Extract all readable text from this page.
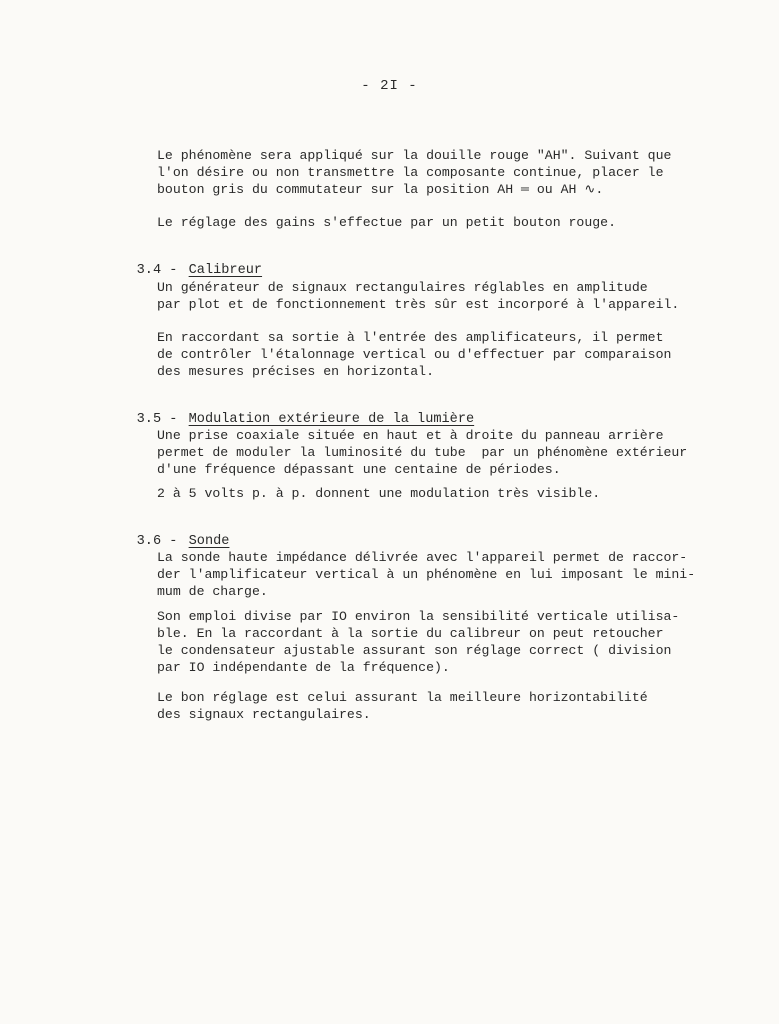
- 2I -
Le phénomène sera appliqué sur la douille rouge "AH". Suivant que
l'on désire ou non transmettre la composante continue, placer le
bouton gris du commutateur sur la position AH ═ ou AH ∿.
Le réglage des gains s'effectue par un petit bouton rouge.

3.4 - Calibreur

Un générateur de signaux rectangulaires réglables en amplitude
par plot et de fonctionnement très sûr est incorporé à l'appareil.
En raccordant sa sortie à l'entrée des amplificateurs, il permet
de contrôler l'étalonnage vertical ou d'effectuer par comparaison
des mesures précises en horizontal.

3.5 - Modulation extérieure de la lumière

Une prise coaxiale située en haut et à droite du panneau arrière
permet de moduler la luminosité du tube  par un phénomène extérieur
d'une fréquence dépassant une centaine de périodes.
2 à 5 volts p. à p. donnent une modulation très visible.

3.6 - Sonde

La sonde haute impédance délivrée avec l'appareil permet de raccor-
der l'amplificateur vertical à un phénomène en lui imposant le mini-
mum de charge.
Son emploi divise par IO environ la sensibilité verticale utilisa-
ble. En la raccordant à la sortie du calibreur on peut retoucher
le condensateur ajustable assurant son réglage correct ( division
par IO indépendante de la fréquence).
Le bon réglage est celui assurant la meilleure horizontabilité
des signaux rectangulaires.
